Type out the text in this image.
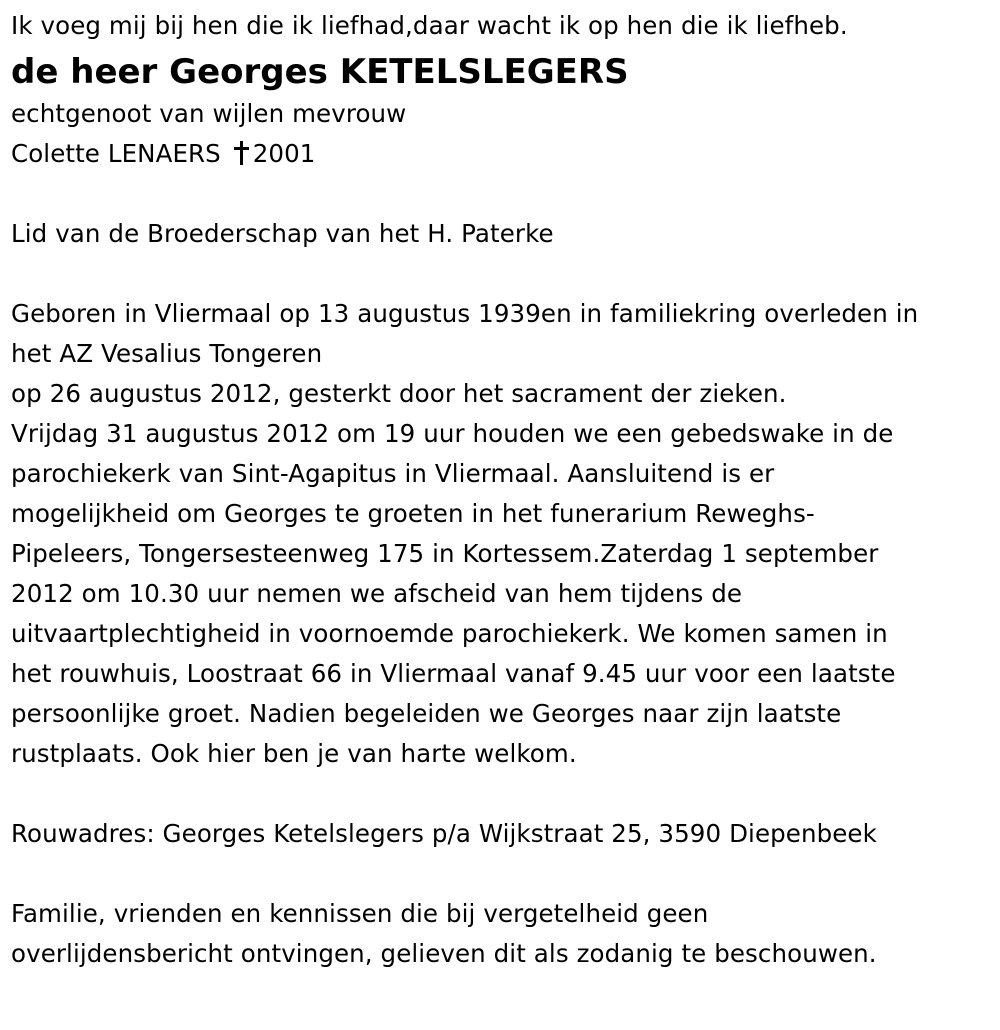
Ik voeg mij bij hen die ik liefhad,daar wacht ik op hen die ik liefheb.
de heer Georges KETELSLEGERS
echtgenoot van wijlen mevrouw
Colette LENAERS 2001
Lid van de Broederschap van het H. Paterke
Geboren in Vliermaal op 13 augustus 1939en in familiekring overleden in
het AZ Vesalius Tongeren
op 26 augustus 2012, gesterkt door het sacrament der zieken.
Vrijdag 31 augustus 2012 om 19 uur houden we een gebedswake in de
parochiekerk van Sint-Agapitus in Vliermaal. Aansluitend is er
mogelijkheid om Georges te groeten in het funerarium Reweghs-
Pipeleers, Tongersesteenweg 175 in Kortessem.Zaterdag 1 september
2012 om 10.30 uur nemen we afscheid van hem tijdens de
uitvaartplechtigheid in voornoemde parochiekerk. We komen samen in
het rouwhuis, Loostraat 66 in Vliermaal vanaf 9.45 uur voor een laatste
persoonlijke groet. Nadien begeleiden we Georges naar zijn laatste
rustplaats. Ook hier ben je van harte welkom.
Rouwadres: Georges Ketelslegers p/a Wijkstraat 25, 3590 Diepenbeek
Familie, vrienden en kennissen die bij vergetelheid geen
overlijdensbericht ontvingen, gelieven dit als zodanig te beschouwen.
